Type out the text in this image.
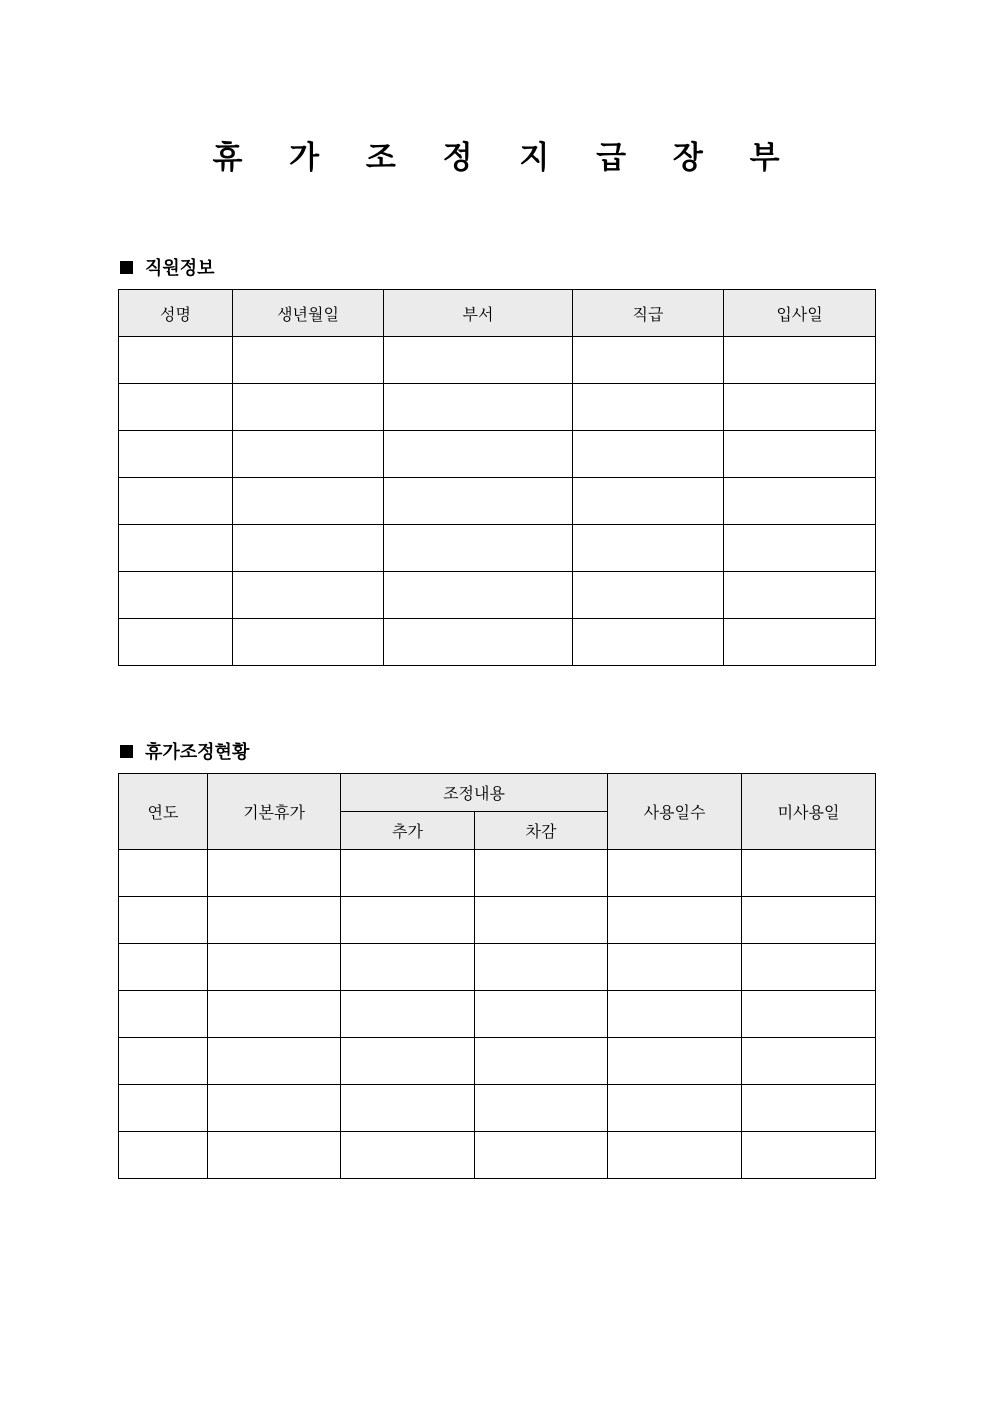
휴 가 조 정 지 급 장 부
직원정보
성명	생년월일	부서	직급	입사일

휴가조정현황
연도	기본휴가	조정내용		사용일수	미사용일
		추가	차감		
